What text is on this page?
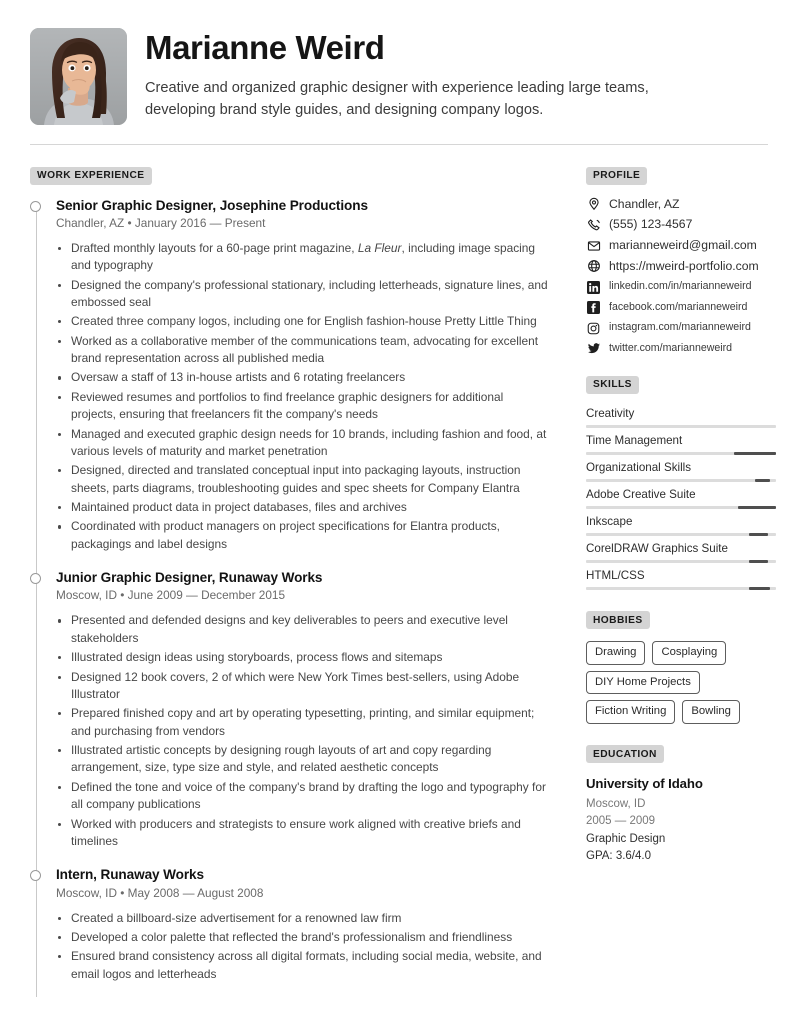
Marianne Weird
Creative and organized graphic designer with experience leading large teams, developing brand style guides, and designing company logos.
WORK EXPERIENCE
Senior Graphic Designer, Josephine Productions
Chandler, AZ • January 2016 — Present
Drafted monthly layouts for a 60-page print magazine, La Fleur, including image spacing and typography
Designed the company's professional stationary, including letterheads, signature lines, and embossed seal
Created three company logos, including one for English fashion-house Pretty Little Thing
Worked as a collaborative member of the communications team, advocating for excellent brand representation across all published media
Oversaw a staff of 13 in-house artists and 6 rotating freelancers
Reviewed resumes and portfolios to find freelance graphic designers for additional projects, ensuring that freelancers fit the company's needs
Managed and executed graphic design needs for 10 brands, including fashion and food, at various levels of maturity and market penetration
Designed, directed and translated conceptual input into packaging layouts, instruction sheets, parts diagrams, troubleshooting guides and spec sheets for Company Elantra
Maintained product data in project databases, files and archives
Coordinated with product managers on project specifications for Elantra products, packagings and label designs
Junior Graphic Designer, Runaway Works
Moscow, ID • June 2009 — December 2015
Presented and defended designs and key deliverables to peers and executive level stakeholders
Illustrated design ideas using storyboards, process flows and sitemaps
Designed 12 book covers, 2 of which were New York Times best-sellers, using Adobe Illustrator
Prepared finished copy and art by operating typesetting, printing, and similar equipment; and purchasing from vendors
Illustrated artistic concepts by designing rough layouts of art and copy regarding arrangement, size, type size and style, and related aesthetic concepts
Defined the tone and voice of the company's brand by drafting the logo and typography for all company publications
Worked with producers and strategists to ensure work aligned with creative briefs and timelines
Intern, Runaway Works
Moscow, ID • May 2008 — August 2008
Created a billboard-size advertisement for a renowned law firm
Developed a color palette that reflected the brand's professionalism and friendliness
Ensured brand consistency across all digital formats, including social media, website, and email logos and letterheads
PROFILE
Chandler, AZ
(555) 123-4567
marianneweird@gmail.com
https://mweird-portfolio.com
linkedin.com/in/marianneweird
facebook.com/marianneweird
instagram.com/marianneweird
twitter.com/marianneweird
SKILLS
Creativity
Time Management
Organizational Skills
Adobe Creative Suite
Inkscape
CorelDRAW Graphics Suite
HTML/CSS
HOBBIES
Drawing	Cosplaying
DIY Home Projects
Fiction Writing	Bowling
EDUCATION
University of Idaho
Moscow, ID
2005 — 2009
Graphic Design
GPA: 3.6/4.0
